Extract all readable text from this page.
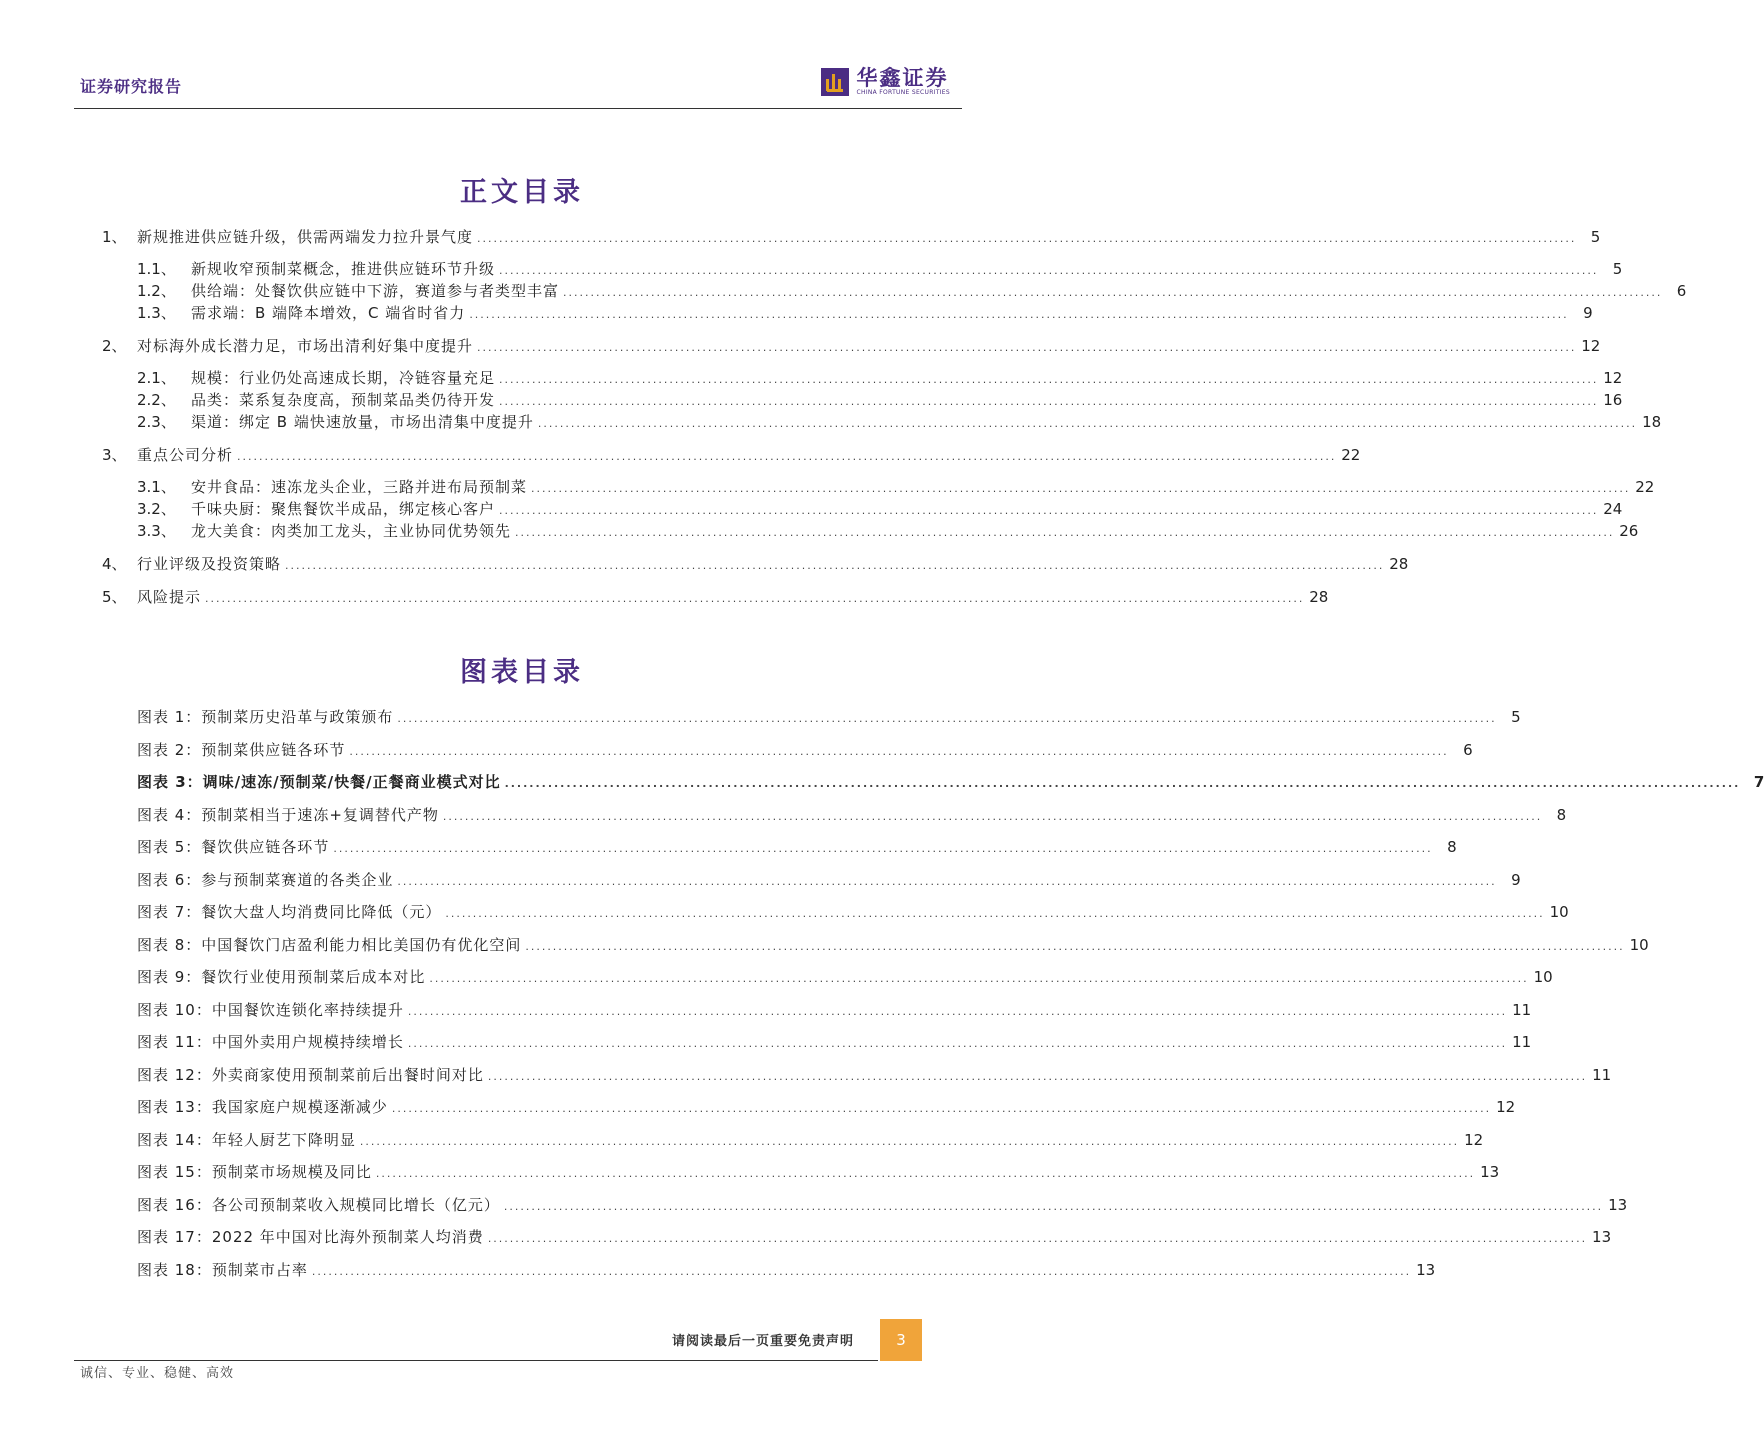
证券研究报告	华鑫证券
CHINA FORTUNE SECURITIES
正文目录
1、 新规推进供应链升级，供需两端发力拉升景气度 ........................................................................................................................................................................................................ 5
1.1、	新规收窄预制菜概念，推进供应链环节升级 ........................................................................................................................................................................................................ 5
1.2、	供给端：处餐饮供应链中下游，赛道参与者类型丰富 ........................................................................................................................................................................................................ 6
1.3、	需求端：B 端降本增效，C 端省时省力 ........................................................................................................................................................................................................ 9
2、 对标海外成长潜力足，市场出清利好集中度提升 ........................................................................................................................................................................................................ 12
2.1、	规模：行业仍处高速成长期，冷链容量充足 ........................................................................................................................................................................................................ 12
2.2、	品类：菜系复杂度高，预制菜品类仍待开发 ........................................................................................................................................................................................................ 16
2.3、	渠道：绑定 B 端快速放量，市场出清集中度提升 ........................................................................................................................................................................................................ 18
3、 重点公司分析 ........................................................................................................................................................................................................ 22
3.1、	安井食品：速冻龙头企业，三路并进布局预制菜 ........................................................................................................................................................................................................ 22
3.2、	千味央厨：聚焦餐饮半成品，绑定核心客户 ........................................................................................................................................................................................................ 24
3.3、	龙大美食：肉类加工龙头，主业协同优势领先 ........................................................................................................................................................................................................ 26
4、 行业评级及投资策略 ........................................................................................................................................................................................................ 28
5、 风险提示 ........................................................................................................................................................................................................ 28
图表目录
图表 1：预制菜历史沿革与政策颁布 ........................................................................................................................................................................................................ 5
图表 2：预制菜供应链各环节 ........................................................................................................................................................................................................ 6
图表 3：调味/速冻/预制菜/快餐/正餐商业模式对比 ........................................................................................................................................................................................................ 7
图表 4：预制菜相当于速冻+复调替代产物 ........................................................................................................................................................................................................ 8
图表 5：餐饮供应链各环节 ........................................................................................................................................................................................................ 8
图表 6：参与预制菜赛道的各类企业 ........................................................................................................................................................................................................ 9
图表 7：餐饮大盘人均消费同比降低（元） ........................................................................................................................................................................................................ 10
图表 8：中国餐饮门店盈利能力相比美国仍有优化空间 ........................................................................................................................................................................................................ 10
图表 9：餐饮行业使用预制菜后成本对比 ........................................................................................................................................................................................................ 10
图表 10：中国餐饮连锁化率持续提升 ........................................................................................................................................................................................................ 11
图表 11：中国外卖用户规模持续增长 ........................................................................................................................................................................................................ 11
图表 12：外卖商家使用预制菜前后出餐时间对比 ........................................................................................................................................................................................................ 11
图表 13：我国家庭户规模逐渐减少 ........................................................................................................................................................................................................ 12
图表 14：年轻人厨艺下降明显 ........................................................................................................................................................................................................ 12
图表 15：预制菜市场规模及同比 ........................................................................................................................................................................................................ 13
图表 16：各公司预制菜收入规模同比增长（亿元） ........................................................................................................................................................................................................ 13
图表 17：2022 年中国对比海外预制菜人均消费 ........................................................................................................................................................................................................ 13
图表 18：预制菜市占率 ........................................................................................................................................................................................................ 13
请阅读最后一页重要免责声明	3
诚信、专业、稳健、高效
